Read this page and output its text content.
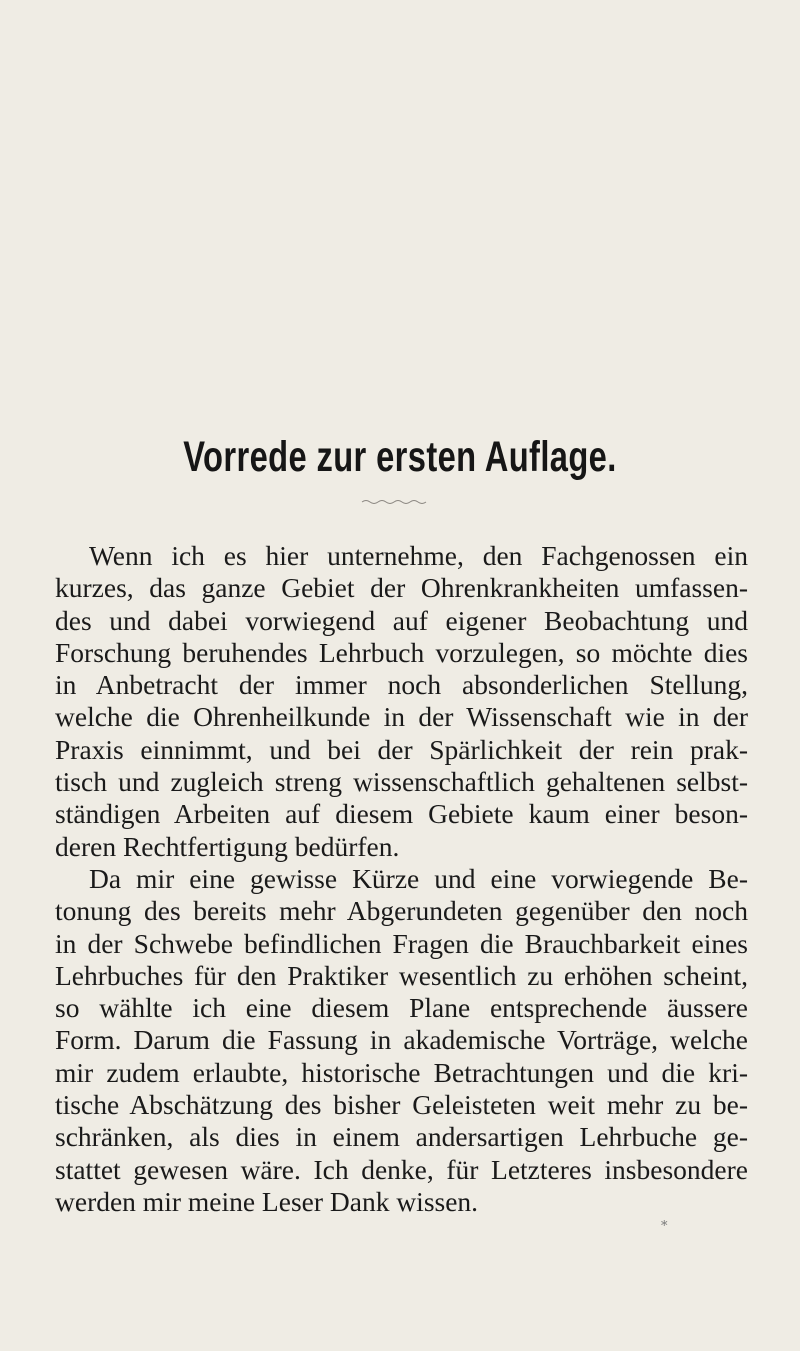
Vorrede zur ersten Auflage.
Wenn ich es hier unternehme, den Fachgenossen ein
kurzes, das ganze Gebiet der Ohrenkrankheiten umfassen-
des und dabei vorwiegend auf eigener Beobachtung und
Forschung beruhendes Lehrbuch vorzulegen, so möchte dies
in Anbetracht der immer noch absonderlichen Stellung,
welche die Ohrenheilkunde in der Wissenschaft wie in der
Praxis einnimmt, und bei der Spärlichkeit der rein prak-
tisch und zugleich streng wissenschaftlich gehaltenen selbst-
ständigen Arbeiten auf diesem Gebiete kaum einer beson-
deren Rechtfertigung bedürfen.
Da mir eine gewisse Kürze und eine vorwiegende Be-
tonung des bereits mehr Abgerundeten gegenüber den noch
in der Schwebe befindlichen Fragen die Brauchbarkeit eines
Lehrbuches für den Praktiker wesentlich zu erhöhen scheint,
so wählte ich eine diesem Plane entsprechende äussere
Form. Darum die Fassung in akademische Vorträge, welche
mir zudem erlaubte, historische Betrachtungen und die kri-
tische Abschätzung des bisher Geleisteten weit mehr zu be-
schränken, als dies in einem andersartigen Lehrbuche ge-
stattet gewesen wäre. Ich denke, für Letzteres insbesondere
werden mir meine Leser Dank wissen.
*
